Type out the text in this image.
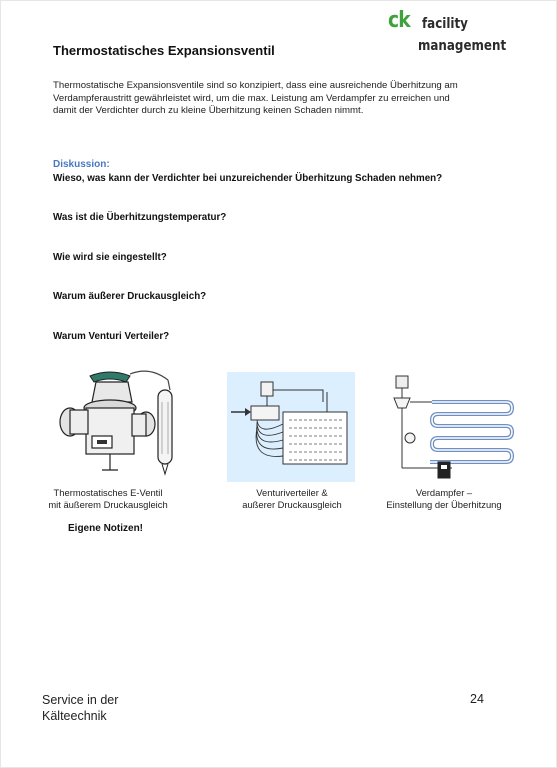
ck facility
management
Thermostatisches Expansionsventil

Thermostatische Expansionsventile sind so konzipiert, dass eine ausreichende Überhitzung am Verdampferaustritt gewährleistet wird, um die max. Leistung am Verdampfer zu erreichen und damit der Verdichter durch zu kleine Überhitzung keinen Schaden nimmt.

Diskussion:
Wieso, was kann der Verdichter bei unzureichender Überhitzung Schaden nehmen?
Was ist die Überhitzungstemperatur?
Wie wird sie eingestellt?
Warum äußerer Druckausgleich?
Warum Venturi Verteiler?
Thermostatisches E-Ventil
mit äußerem Druckausgleich
Venturiverteiler &
außerer Druckausgleich
Verdampfer –
Einstellung der Überhitzung
Eigene Notizen!
Service in der
Kälteechnik
24
